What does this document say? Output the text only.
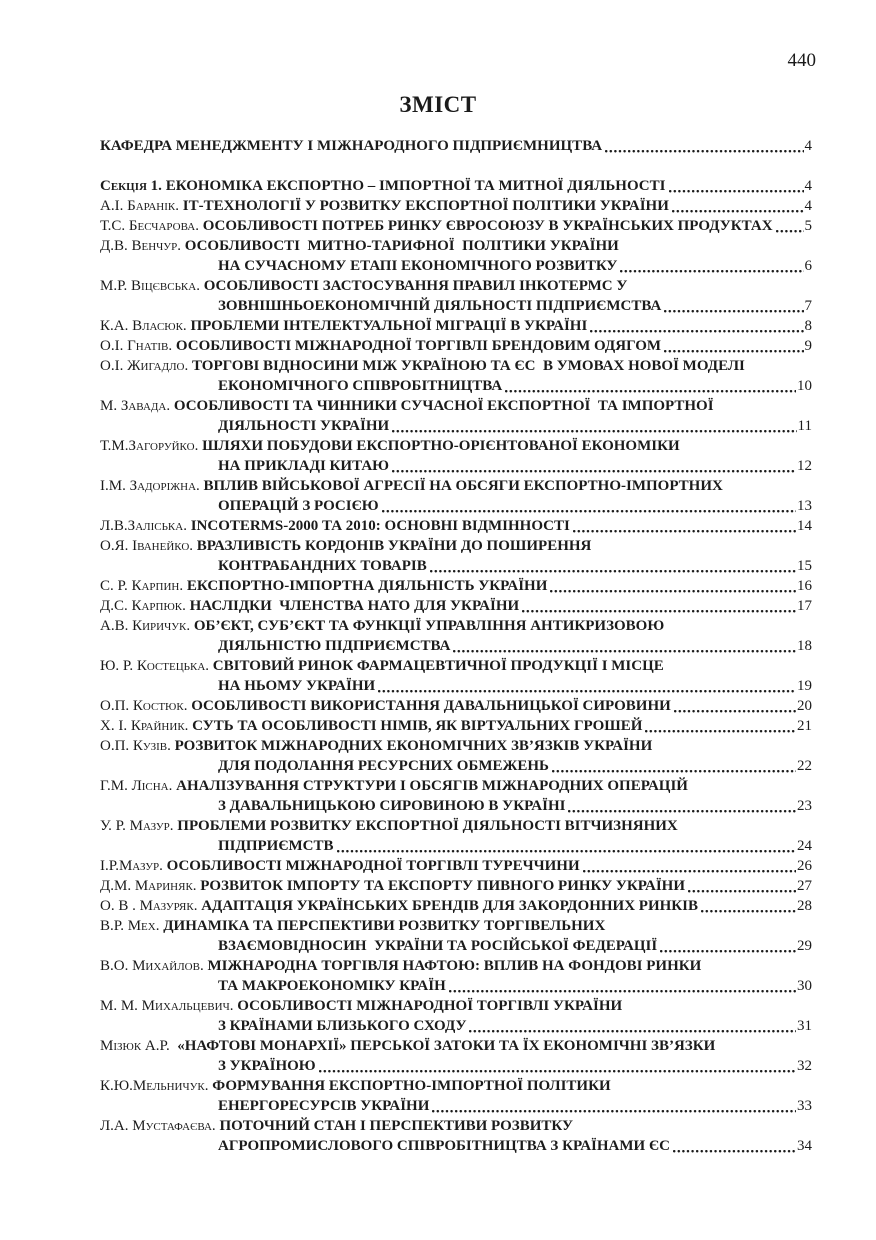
440
ЗМІСТ
КАФЕДРА МЕНЕДЖМЕНТУ І МІЖНАРОДНОГО ПІДПРИЄМНИЦТВА	4
Секція 1. ЕКОНОМІКА ЕКСПОРТНО – ІМПОРТНОЇ ТА МИТНОЇ ДІЯЛЬНОСТІ	4
А.І. Баранік. ІТ-ТЕХНОЛОГІЇ У РОЗВИТКУ ЕКСПОРТНОЇ ПОЛІТИКИ УКРАЇНИ	4
Т.С. Бесчарова. ОСОБЛИВОСТІ ПОТРЕБ РИНКУ ЄВРОСОЮЗУ В УКРАЇНСЬКИХ ПРОДУКТАХ 5
Д.В. Венчур. ОСОБЛИВОСТІ  МИТНО-ТАРИФНОЇ  ПОЛІТИКИ УКРАЇНИ
НА СУЧАСНОМУ ЕТАПІ ЕКОНОМІЧНОГО РОЗВИТКУ	6
М.Р. Віцєвська. ОСОБЛИВОСТІ ЗАСТОСУВАННЯ ПРАВИЛ ІНКОТЕРМС У
ЗОВНІШНЬОЕКОНОМІЧНІЙ ДІЯЛЬНОСТІ ПІДПРИЄМСТВА	7
К.А. Власюк. ПРОБЛЕМИ ІНТЕЛЕКТУАЛЬНОЇ МІГРАЦІЇ В УКРАЇНІ	8
О.І. Гнатів. ОСОБЛИВОСТІ МІЖНАРОДНОЇ ТОРГІВЛІ БРЕНДОВИМ ОДЯГОМ	9
О.І. Жигадло. ТОРГОВІ ВІДНОСИНИ МІЖ УКРАЇНОЮ ТА ЄС  В УМОВАХ НОВОЇ МОДЕЛІ
ЕКОНОМІЧНОГО СПІВРОБІТНИЦТВА	10
М. Завада. ОСОБЛИВОСТІ ТА ЧИННИКИ СУЧАСНОЇ ЕКСПОРТНОЇ  ТА ІМПОРТНОЇ
ДІЯЛЬНОСТІ УКРАЇНИ	11
Т.М.Загоруйко. ШЛЯХИ ПОБУДОВИ ЕКСПОРТНО-ОРІЄНТОВАНОЇ ЕКОНОМІКИ
НА ПРИКЛАДІ КИТАЮ	12
І.М. Задоріжна. ВПЛИВ ВІЙСЬКОВОЇ АГРЕСІЇ НА ОБСЯГИ ЕКСПОРТНО-ІМПОРТНИХ
ОПЕРАЦІЙ З РОСІЄЮ	13
Л.В.Заліська. INCOTERMS-2000 ТА 2010: ОСНОВНІ ВІДМІННОСТІ	14
О.Я. Іванейко. ВРАЗЛИВІСТЬ КОРДОНІВ УКРАЇНИ ДО ПОШИРЕННЯ
КОНТРАБАНДНИХ ТОВАРІВ	15
С. Р. Карпин. ЕКСПОРТНО-ІМПОРТНА ДІЯЛЬНІСТЬ УКРАЇНИ	16
Д.С. Карпюк. НАСЛІДКИ  ЧЛЕНСТВА НАТО ДЛЯ УКРАЇНИ	17
А.В. Киричук. ОБ’ЄКТ, СУБ’ЄКТ ТА ФУНКЦІЇ УПРАВЛІННЯ АНТИКРИЗОВОЮ
ДІЯЛЬНІСТЮ ПІДПРИЄМСТВА	18
Ю. Р. Костецька. СВІТОВИЙ РИНОК ФАРМАЦЕВТИЧНОЇ ПРОДУКЦІЇ І МІСЦЕ
НА НЬОМУ УКРАЇНИ	19
О.П. Костюк. ОСОБЛИВОСТІ ВИКОРИСТАННЯ ДАВАЛЬНИЦЬКОЇ СИРОВИНИ	20
Х. І. Крайник. СУТЬ ТА ОСОБЛИВОСТІ НІМІВ, ЯК ВІРТУАЛЬНИХ ГРОШЕЙ	21
О.П. Кузів. РОЗВИТОК МІЖНАРОДНИХ ЕКОНОМІЧНИХ ЗВ’ЯЗКІВ УКРАЇНИ
ДЛЯ ПОДОЛАННЯ РЕСУРСНИХ ОБМЕЖЕНЬ	22
Г.М. Лісна. АНАЛІЗУВАННЯ СТРУКТУРИ І ОБСЯГІВ МІЖНАРОДНИХ ОПЕРАЦІЙ
З ДАВАЛЬНИЦЬКОЮ СИРОВИНОЮ В УКРАЇНІ	23
У. Р. Мазур. ПРОБЛЕМИ РОЗВИТКУ ЕКСПОРТНОЇ ДІЯЛЬНОСТІ ВІТЧИЗНЯНИХ
ПІДПРИЄМСТВ	24
І.Р.Мазур. ОСОБЛИВОСТІ МІЖНАРОДНОЇ ТОРГІВЛІ ТУРЕЧЧИНИ	26
Д.М. Мариняк. РОЗВИТОК ІМПОРТУ ТА ЕКСПОРТУ ПИВНОГО РИНКУ УКРАЇНИ	27
О. В . Мазуряк. АДАПТАЦІЯ УКРАЇНСЬКИХ БРЕНДІВ ДЛЯ ЗАКОРДОННИХ РИНКІВ	28
В.Р. Мех. ДИНАМІКА ТА ПЕРСПЕКТИВИ РОЗВИТКУ ТОРГІВЕЛЬНИХ
ВЗАЄМОВІДНОСИН  УКРАЇНИ ТА РОСІЙСЬКОЇ ФЕДЕРАЦІЇ	29
В.О. Михайлов. МІЖНАРОДНА ТОРГІВЛЯ НАФТОЮ: ВПЛИВ НА ФОНДОВІ РИНКИ
ТА МАКРОЕКОНОМІКУ КРАЇН	30
М. М. Михальцевич. ОСОБЛИВОСТІ МІЖНАРОДНОЇ ТОРГІВЛІ УКРАЇНИ
З КРАЇНАМИ БЛИЗЬКОГО СХОДУ	31
Мізюк А.Р. «НАФТОВІ МОНАРХІЇ» ПЕРСЬКОЇ ЗАТОКИ ТА ЇХ ЕКОНОМІЧНІ ЗВ’ЯЗКИ
З УКРАЇНОЮ	32
К.Ю.Мельничук. ФОРМУВАННЯ ЕКСПОРТНО-ІМПОРТНОЇ ПОЛІТИКИ
ЕНЕРГОРЕСУРСІВ УКРАЇНИ	33
Л.А. Мустафаєва. ПОТОЧНИЙ СТАН І ПЕРСПЕКТИВИ РОЗВИТКУ
АГРОПРОМИСЛОВОГО СПІВРОБІТНИЦТВА З КРАЇНАМИ ЄС	34
